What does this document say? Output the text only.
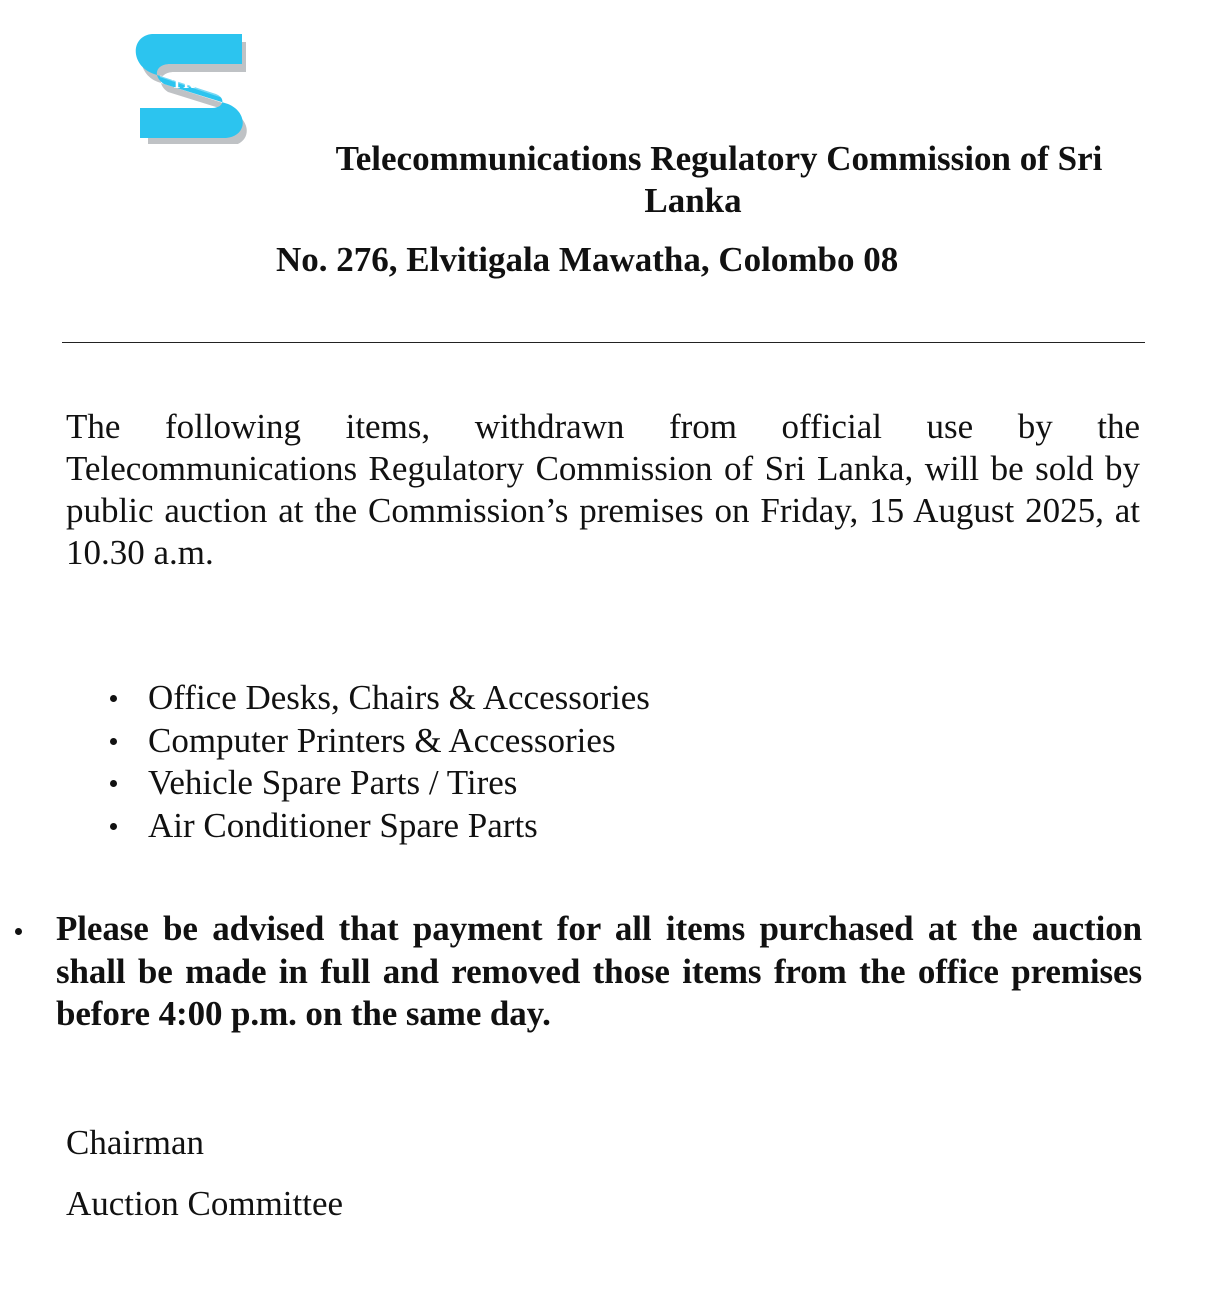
TRC
Telecommunications Regulatory Commission of Sri
Lanka
No. 276, Elvitigala Mawatha, Colombo 08

The following items, withdrawn from official use by the Telecommunications Regulatory Commission of Sri Lanka, will be sold by public auction at the Commission’s premises on Friday, 15 August 2025, at 10.30 a.m.

Office Desks, Chairs & Accessories
Computer Printers & Accessories
Vehicle Spare Parts / Tires
Air Conditioner Spare Parts

Please be advised that payment for all items purchased at the auction shall be made in full and removed those items from the office premises before 4:00 p.m. on the same day.

Chairman
Auction Committee
